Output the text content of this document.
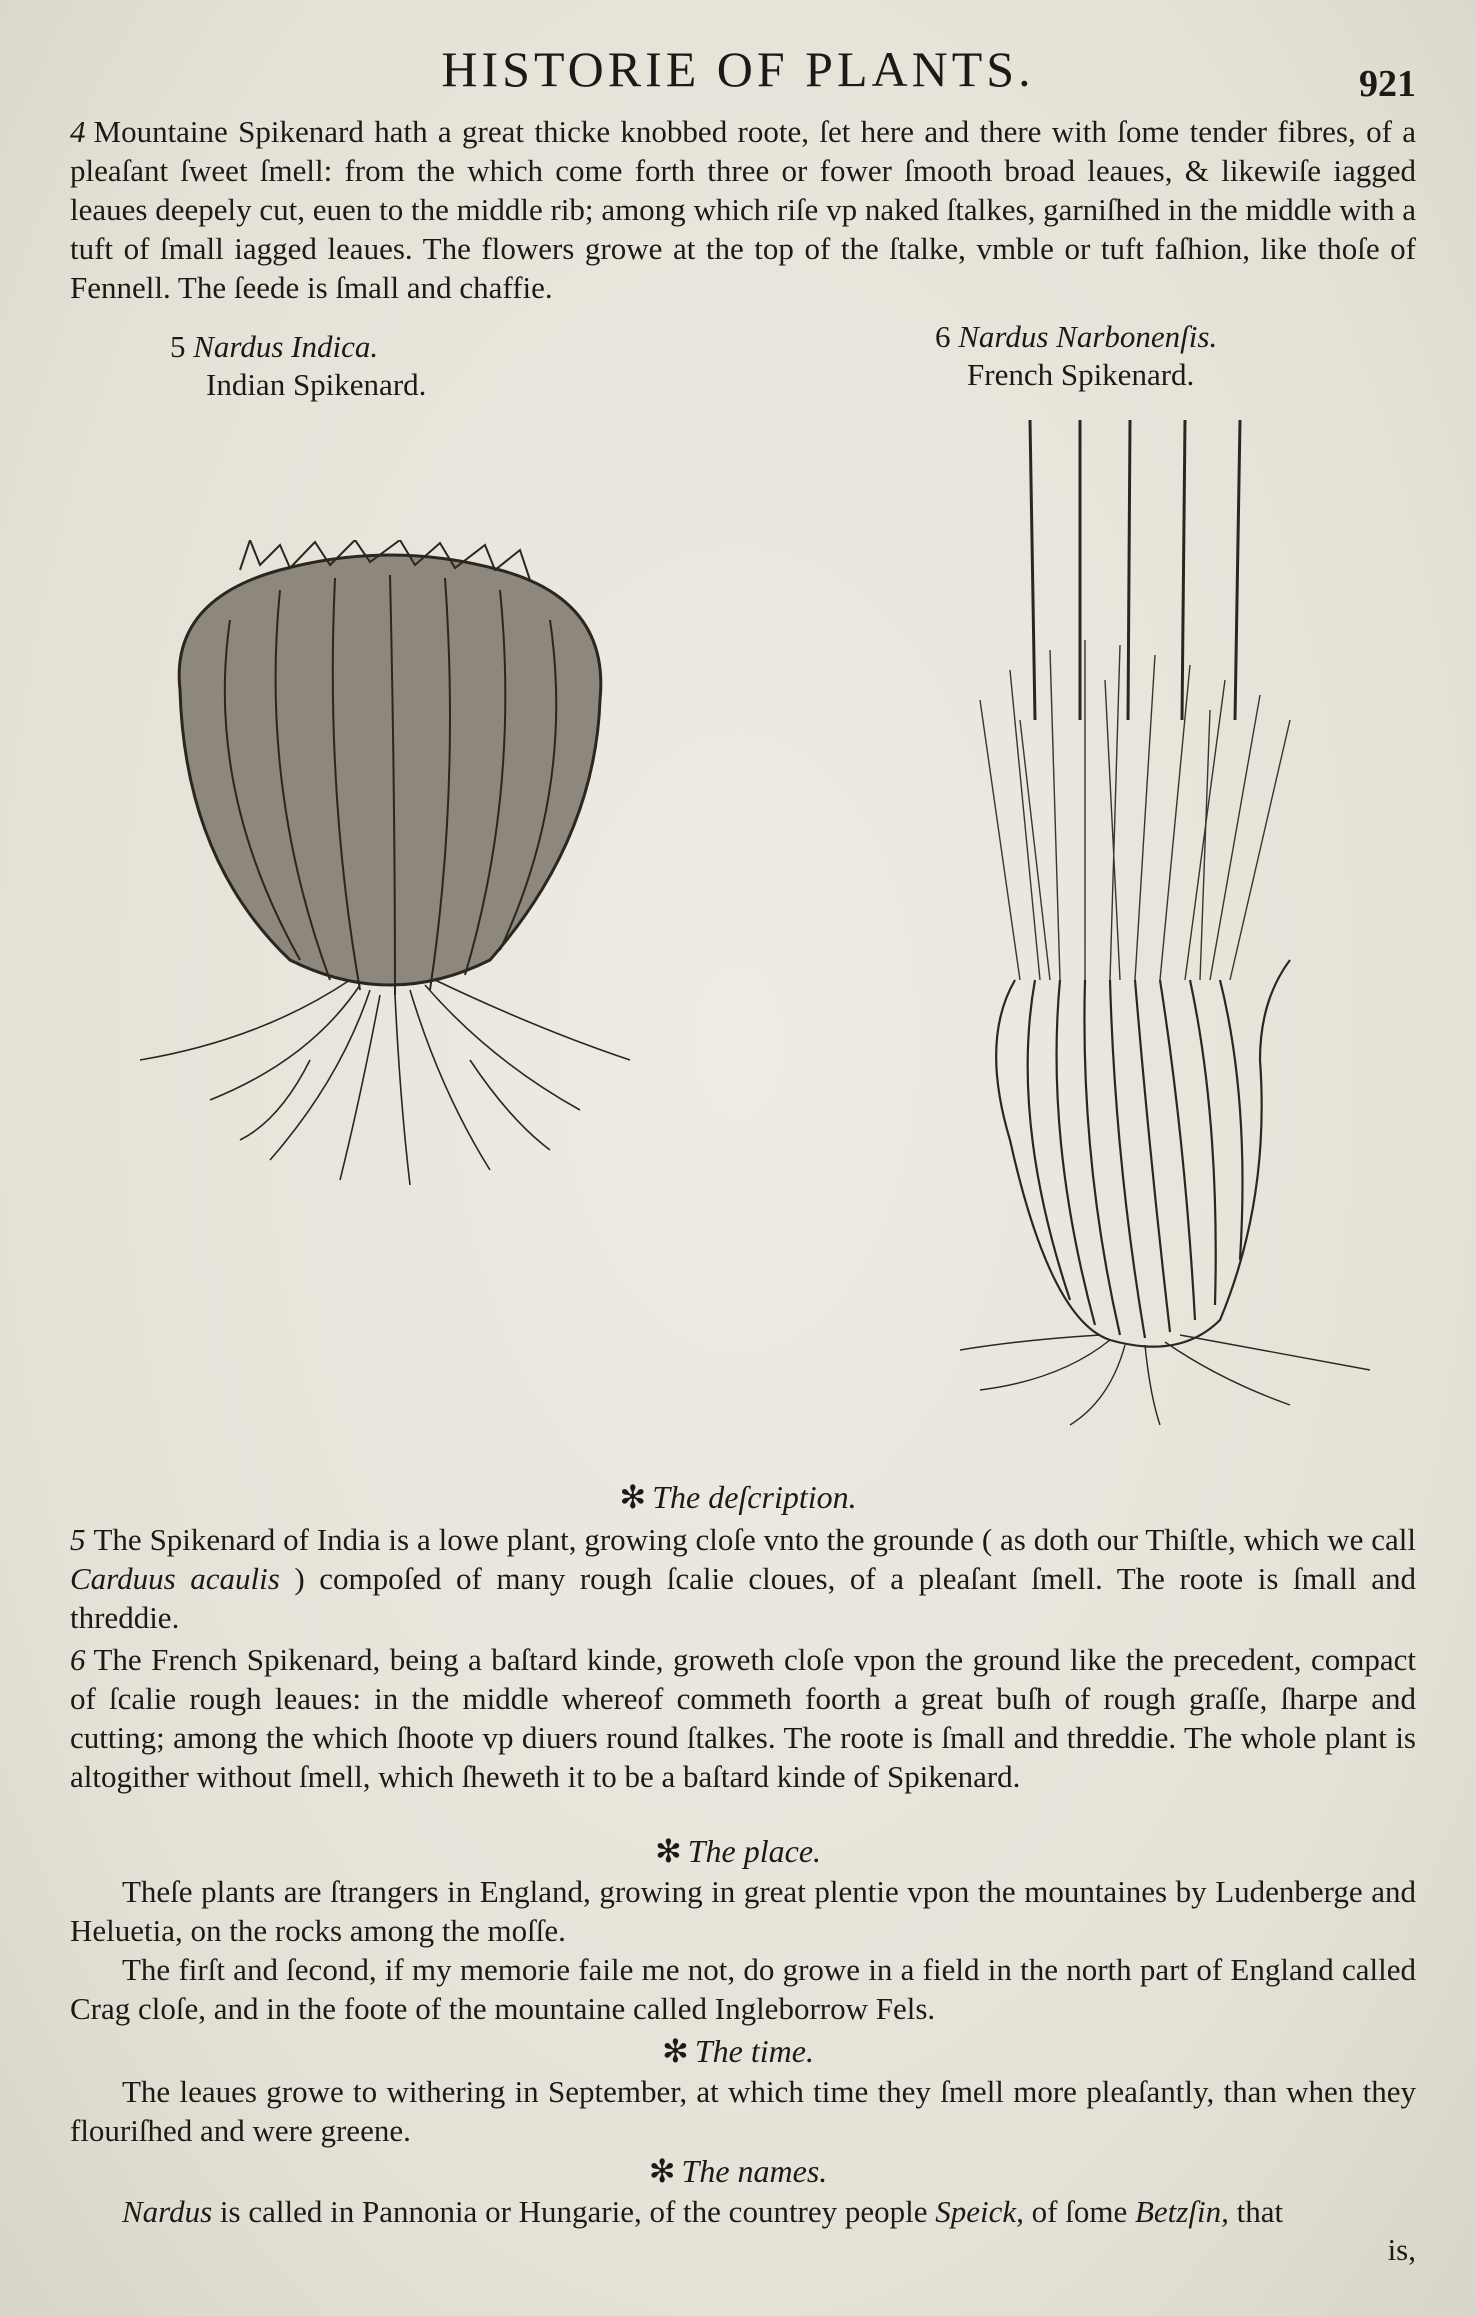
HISTORIE OF PLANTS.	921
4 Mountaine Spikenard hath a great thicke knobbed roote, ſet here and there with ſome tender fibres, of a pleaſant ſweet ſmell: from the which come forth three or fower ſmooth broad leaues, & likewiſe iagged leaues deepely cut, euen to the middle rib; among which riſe vp naked ſtalkes, garniſhed in the middle with a tuft of ſmall iagged leaues. The flowers growe at the top of the ſtalke, vmble or tuft faſhion, like thoſe of Fennell. The ſeede is ſmall and chaffie.
5 Nardus Indica.
Indian Spikenard.
6 Nardus Narbonenſis.
French Spikenard.
✻ The deſcription.
5 The Spikenard of India is a lowe plant, growing cloſe vnto the grounde ( as doth our Thiſtle, which we call Carduus acaulis ) compoſed of many rough ſcalie cloues, of a pleaſant ſmell. The roote is ſmall and threddie.
6 The French Spikenard, being a baſtard kinde, groweth cloſe vpon the ground like the precedent, compact of ſcalie rough leaues: in the middle whereof commeth foorth a great buſh of rough graſſe, ſharpe and cutting; among the which ſhoote vp diuers round ſtalkes. The roote is ſmall and threddie. The whole plant is altogither without ſmell, which ſheweth it to be a baſtard kinde of Spikenard.
✻ The place.
Theſe plants are ſtrangers in England, growing in great plentie vpon the mountaines by Ludenberge and Heluetia, on the rocks among the moſſe.
The firſt and ſecond, if my memorie faile me not, do growe in a field in the north part of England called Crag cloſe, and in the foote of the mountaine called Ingleborrow Fels.
✻ The time.
The leaues growe to withering in September, at which time they ſmell more pleaſantly, than when they flouriſhed and were greene.
✻ The names.
Nardus is called in Pannonia or Hungarie, of the countrey people Speick, of ſome Betzſin, that
is,
